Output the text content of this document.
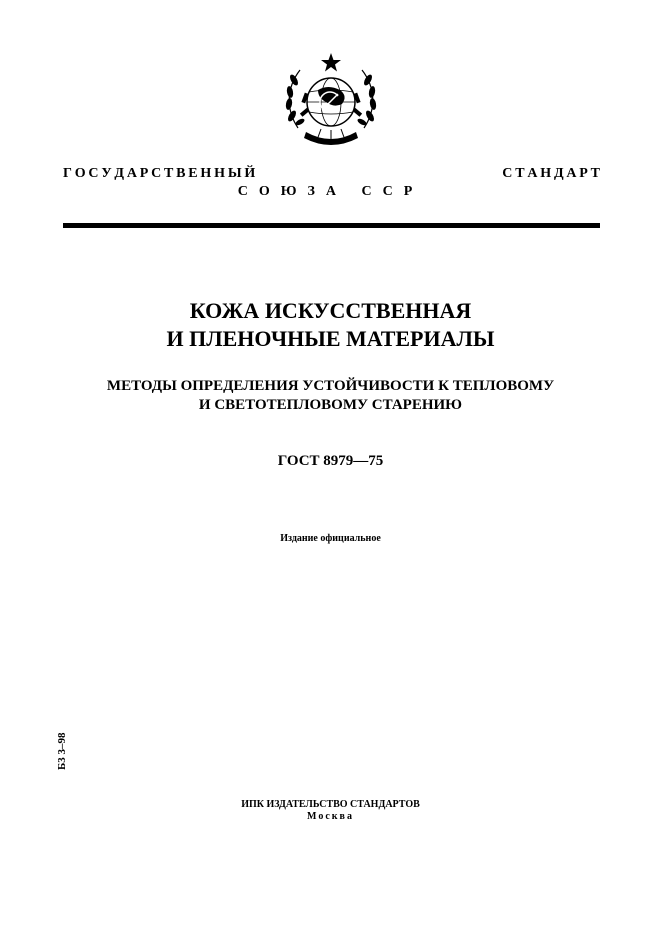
Г О С У Д А Р С Т В Е Н Н Ы Й   С Т А Н Д А Р Т
СОЮЗА ССР
КОЖА ИСКУССТВЕННАЯ
И ПЛЕНОЧНЫЕ МАТЕРИАЛЫ
МЕТОДЫ ОПРЕДЕЛЕНИЯ УСТОЙЧИВОСТИ К ТЕПЛОВОМУ
И СВЕТОТЕПЛОВОМУ СТАРЕНИЮ
ГОСТ 8979—75
Издание официальное
Б3 3–98
ИПК ИЗДАТЕЛЬСТВО СТАНДАРТОВ
Москва
